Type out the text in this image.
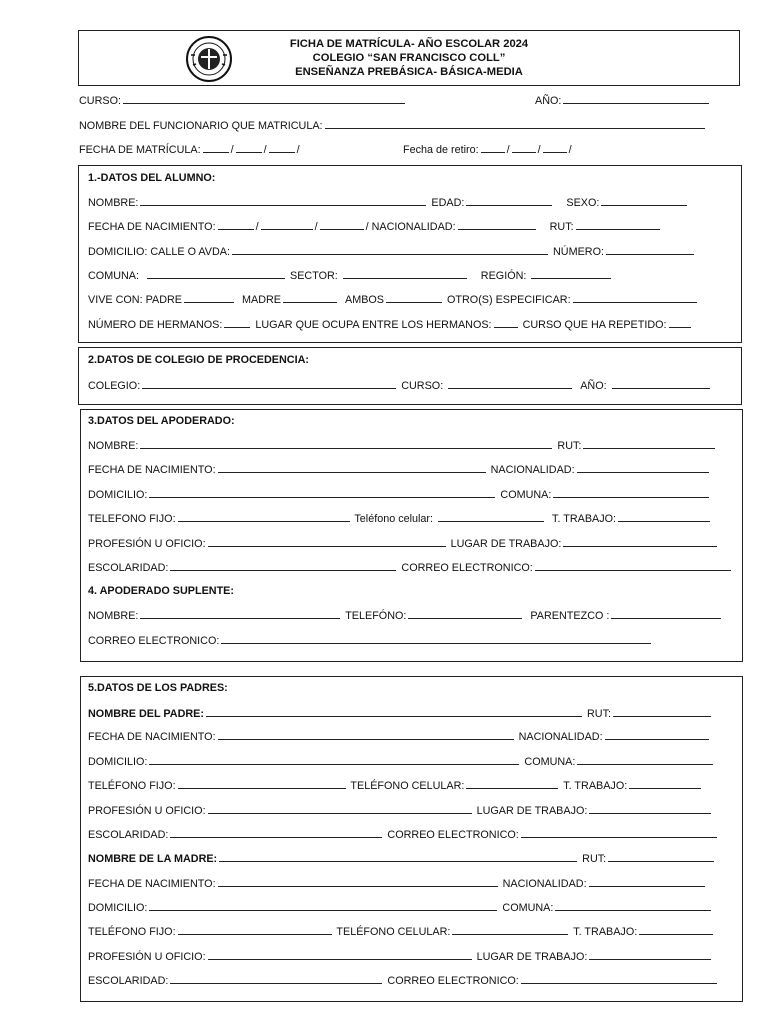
FICHA DE MATRÍCULA- AÑO ESCOLAR 2024
COLEGIO “SAN FRANCISCO COLL”
ENSEÑANZA PREBÁSICA- BÁSICA-MEDIA
CURSO:	AÑO:
NOMBRE DEL FUNCIONARIO QUE MATRICULA:
FECHA DE MATRÍCULA:	/	/	/	Fecha de retiro:	/	/	/
1.-DATOS DEL ALUMNO:
NOMBRE:	EDAD:	SEXO:
FECHA DE NACIMIENTO:	/	/	/ NACIONALIDAD:	RUT:
DOMICILIO: CALLE O AVDA:	NÚMERO:
COMUNA:	SECTOR:	REGIÓN:
VIVE CON: PADRE	MADRE	AMBOS	OTRO(S) ESPECIFICAR:
NÚMERO DE HERMANOS:	LUGAR QUE OCUPA ENTRE LOS HERMANOS:	CURSO QUE HA REPETIDO:
2.DATOS DE COLEGIO DE PROCEDENCIA:
COLEGIO:	CURSO:	AÑO:
3.DATOS DEL APODERADO:
NOMBRE:	RUT:
FECHA DE NACIMIENTO:	NACIONALIDAD:
DOMICILIO:	COMUNA:
TELEFONO FIJO:	Teléfono celular:	T. TRABAJO:
PROFESIÓN U OFICIO:	LUGAR DE TRABAJO:
ESCOLARIDAD:	CORREO ELECTRONICO:
4. APODERADO SUPLENTE:
NOMBRE:	TELEFÓNO:	PARENTEZCO :
CORREO ELECTRONICO:
5.DATOS DE LOS PADRES:
NOMBRE DEL PADRE:	RUT:
FECHA DE NACIMIENTO:	NACIONALIDAD:
DOMICILIO:	COMUNA:
TELÉFONO FIJO:	TELÉFONO CELULAR:	T. TRABAJO:
PROFESIÓN U OFICIO:	LUGAR DE TRABAJO:
ESCOLARIDAD:	CORREO ELECTRONICO:
NOMBRE DE LA MADRE:	RUT:
FECHA DE NACIMIENTO:	NACIONALIDAD:
DOMICILIO:	COMUNA:
TELÉFONO FIJO:	TELÉFONO CELULAR:	T. TRABAJO:
PROFESIÓN U OFICIO:	LUGAR DE TRABAJO:
ESCOLARIDAD:	CORREO ELECTRONICO:
